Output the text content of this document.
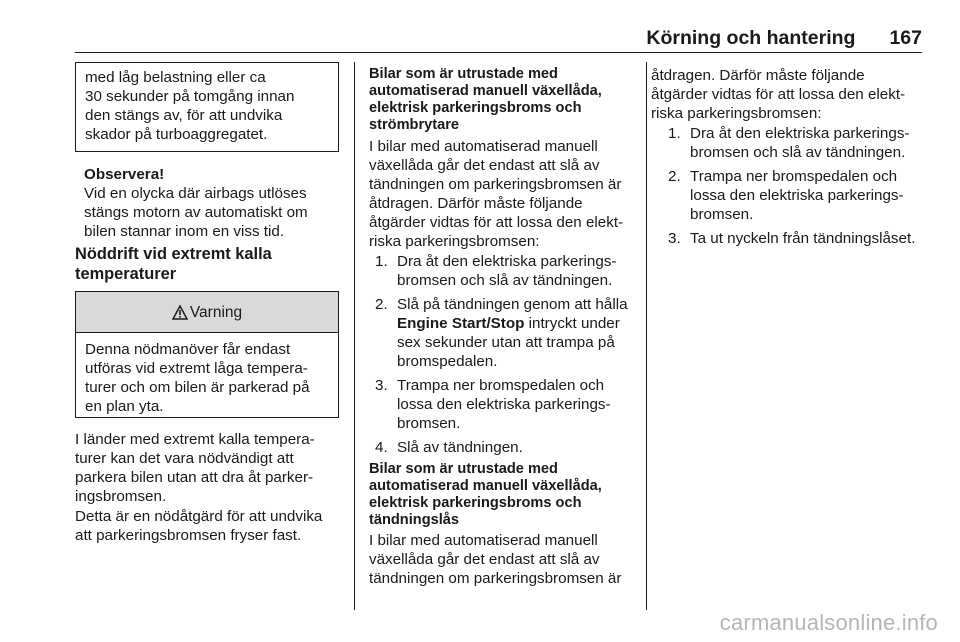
Körning och hantering 167

med låg belastning eller ca

30 sekunder på tomgång innan

den stängs av, för att undvika

skador på turboaggregatet.

Observera!

Vid en olycka där airbags utlöses

stängs motorn av automatiskt om

bilen stannar inom en viss tid.

Nöddrift vid extremt kalla

temperaturer

Varning

Denna nödmanöver får endast

utföras vid extremt låga tempera-

turer och om bilen är parkerad på

en plan yta.

I länder med extremt kalla tempera-

turer kan det vara nödvändigt att

parkera bilen utan att dra åt parker-

ingsbromsen.

Detta är en nödåtgärd för att undvika

att parkeringsbromsen fryser fast.

Bilar som är utrustade med

automatiserad manuell växellåda,

elektrisk parkeringsbroms och

strömbrytare

I bilar med automatiserad manuell

växellåda går det endast att slå av

tändningen om parkeringsbromsen är

åtdragen. Därför måste följande

åtgärder vidtas för att lossa den elekt-

riska parkeringsbromsen:

1. Dra åt den elektriska parkerings-

bromsen och slå av tändningen.

2. Slå på tändningen genom att hålla

Engine Start/Stop intryckt under

sex sekunder utan att trampa på

bromspedalen.

3. Trampa ner bromspedalen och

lossa den elektriska parkerings-

bromsen.

4. Slå av tändningen.

Bilar som är utrustade med

automatiserad manuell växellåda,

elektrisk parkeringsbroms och

tändningslås

I bilar med automatiserad manuell

växellåda går det endast att slå av

tändningen om parkeringsbromsen är

åtdragen. Därför måste följande

åtgärder vidtas för att lossa den elekt-

riska parkeringsbromsen:

1. Dra åt den elektriska parkerings-

bromsen och slå av tändningen.

2. Trampa ner bromspedalen och

lossa den elektriska parkerings-

bromsen.

3. Ta ut nyckeln från tändningslåset.

carmanualsonline.info
